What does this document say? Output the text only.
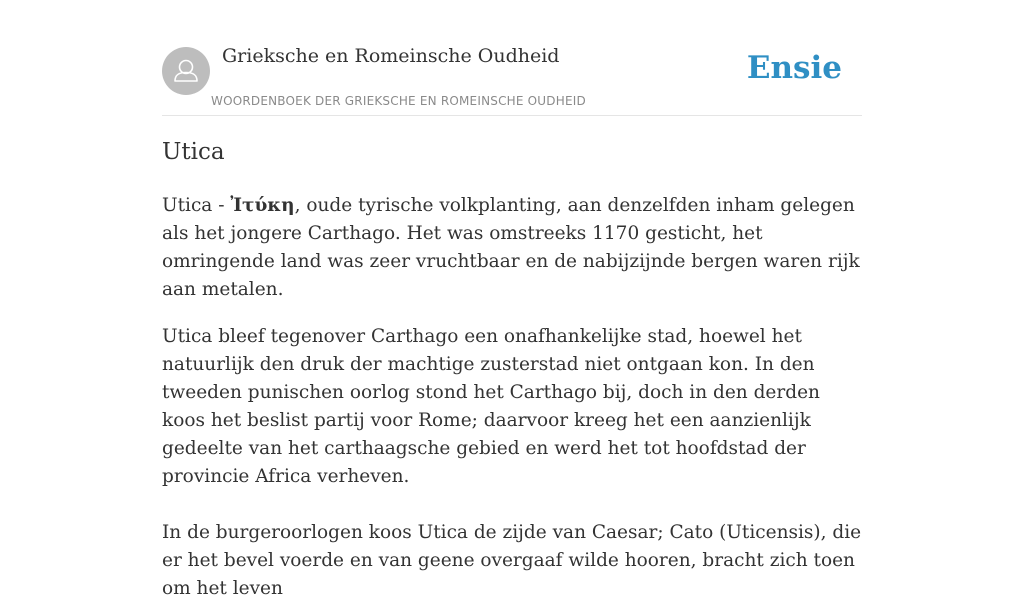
Grieksche en Romeinsche Oudheid
WOORDENBOEK DER GRIEKSCHE EN ROMEINSCHE OUDHEID
Ensie
Utica

Utica - Ἰτύκη, oude tyrische volkplanting, aan denzelfden inham gelegen als het jongere Carthago. Het was omstreeks 1170 gesticht, het omringende land was zeer vruchtbaar en de nabijzijnde bergen waren rijk aan metalen.

Utica bleef tegenover Carthago een onafhankelijke stad, hoewel het natuurlijk den druk der machtige zusterstad niet ontgaan kon. In den tweeden punischen oorlog stond het Carthago bij, doch in den derden koos het beslist partij voor Rome; daarvoor kreeg het een aanzienlijk gedeelte van het carthaagsche gebied en werd het tot hoofdstad der provincie Africa verheven.

In de burgeroorlogen koos Utica de zijde van Caesar; Cato (Uticensis), die er het bevel voerde en van geene overgaaf wilde hooren, bracht zich toen om het leven
